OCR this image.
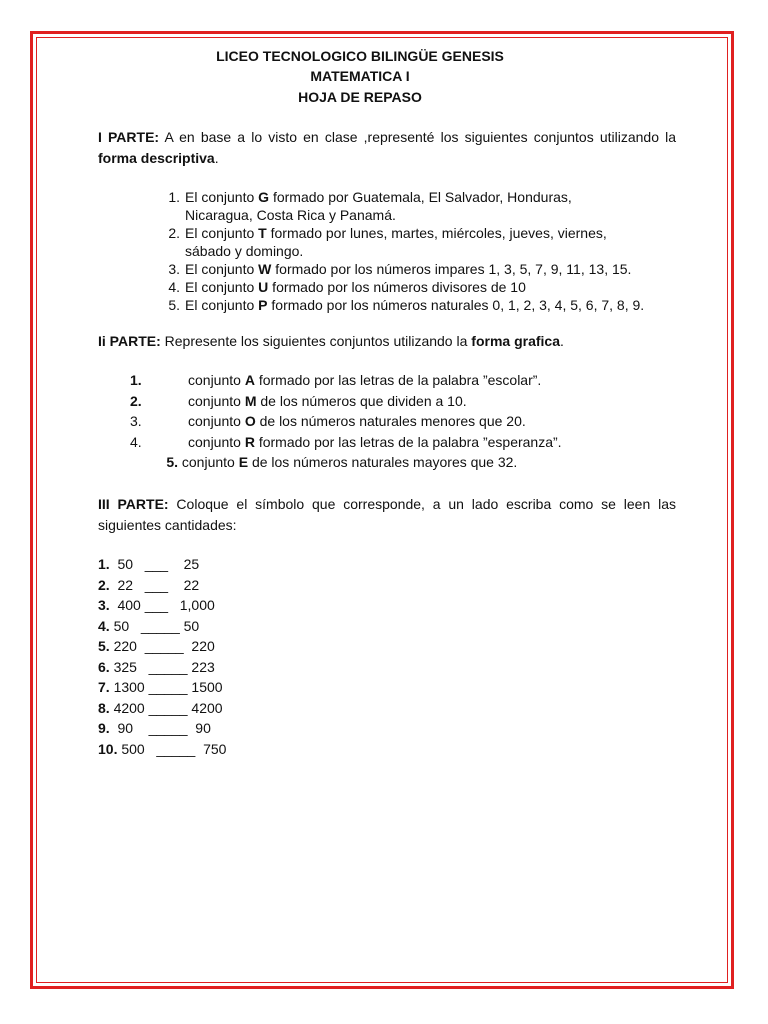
LICEO TECNOLOGICO BILINGÜE GENESIS
MATEMATICA I
HOJA DE REPASO
I PARTE: A en base a lo visto en clase ,representé los siguientes conjuntos utilizando la forma descriptiva.
1. El conjunto G formado por Guatemala, El Salvador, Honduras,
Nicaragua, Costa Rica y Panamá.
2. El conjunto T formado por lunes, martes, miércoles, jueves, viernes,
sábado y domingo.
3. El conjunto W formado por los números impares 1, 3, 5, 7, 9, 11, 13, 15.
4. El conjunto U formado por los números divisores de 10
5. El conjunto P formado por los números naturales 0, 1, 2, 3, 4, 5, 6, 7, 8, 9.
Ii PARTE: Represente los siguientes conjuntos utilizando la forma grafica.
1.	conjunto A formado por las letras de la palabra ”escolar”.
2.	conjunto M de los números que dividen a 10.
3.	conjunto O de los números naturales menores que 20.
4.	conjunto R formado por las letras de la palabra ”esperanza”.
5. conjunto E de los números naturales mayores que 32.
III PARTE: Coloque el símbolo que corresponde, a un lado escriba como se leen las siguientes cantidades:
1.  50   ___    25
2.  22   ___    22
3.  400 ___   1,000
4. 50   _____ 50
5. 220  _____  220
6. 325   _____ 223
7. 1300 _____ 1500
8. 4200 _____ 4200
9.  90    _____  90
10. 500   _____  750
